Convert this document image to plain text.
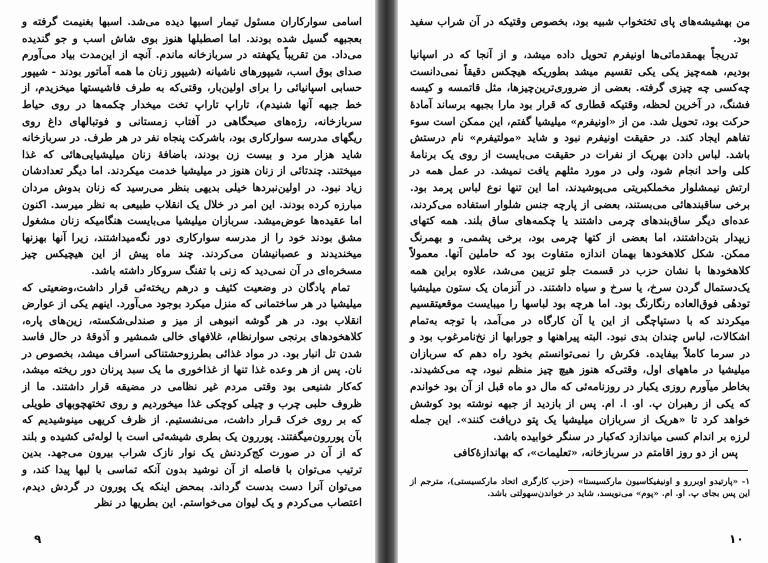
اسامی سوارکاران مسئول تیمار اسبها دیده می‌شد. اسبها بغنیمت گرفته و بعجبهه گسیل شده بودند. اما اصطبلها هنوز بوی شاش اسب و جو گندیده می‌داد. من تقریباً یکهفته در سربازخانه ماندم. آنچه از این‌مدت بیاد می‌آورم صدای بوق اسب، شیپورهای ناشیانه (شیپور زنان ما همه آماتور بودند - شیپور حسابی اسپانیائی را برای اولین‌بار، وقتی‌که به طرف فاشیستها میخزیدم، از خط جبهه آنها شنیدم)، تاراپ تاراپ تخت میخدار چکمه‌ها در روی حیاط سربازخانه، رژه‌های صبحگاهی در آفتاب زمستانی و فوتبالهای داغ روی ریگهای مدرسه سوارکاری بود، باشرکت پنجاه نفر در هر طرف. در سربازخانه شاید هزار مرد و بیست زن بودند، باضافهٔ زنان میلیشیایی‌هائی که غذا میپختند. چندتائی از زنان هنوز در میلیشیا خدمت میکردند. اما دیگر تعدادشان زیاد نبود. در اولین‌نبردها خیلی بدیهی بنظر می‌رسید که زنان بدوش مردان مبارزه کرده بودند. این امر در خلال یک انقلاب طبیعی به نظر میرسد. اکنون اما عقیده‌ها عوض‌میشد. سربازان میلیشیا می‌بایست هنگامیکه زنان مشغول مشق بودند خود را از مدرسه سوارکاری دور نگه‌میداشتند، زیرا آنها بهزنها میخندیدند و عصبانیشان می‌کردند. چند ماه پیش از این هیچیکس چیز مسخره‌ای در آن نمی‌دید که زنی با تفنگ سروکار داشته باشد.

تمام پادگان در وضعیت کثیف و درهم ریخته‌ئی قرار داشت،وضعیتی که میلیشیا در هر ساختمانی که منزل میکرد بوجود می‌آورد. اینهم یکی از عوارض انقلاب بود. در هر گوشه انبوهی از میز و صندلی‌شکسته، زین‌های پاره، کلاهخودهای برنجی سوارنظام، غلافهای خالی شمشیر و آذوقهٔ در حال فاسد شدن تل انبار بود. در مواد غذائی بطرزوحشتناکی اسراف میشد، بخصوص در نان. پس از هر وعده غذا تنها از غذاخوری ما یک سبد پرنان دور ریخته میشد، که‌کار شنیعی بود وقتی مردم غیر نظامی در مضیقه قرار داشتند. ما از ظروف حلبی چرب و چیلی کوچکی غذا میخوردیم و روی تختهچوبهای طویلی که بر روی خرک قـرار داشت، می‌نشستیم. از ظرف کریهی مینوشیدیم که بآن پوررون‌میگفتند. پوررون یک بطری شیشه‌ئی است با لوله‌ئی کشیده و بلند که از آن در صورت کج‌کردنش یک نوار نازک شراب بیرون می‌جهد. بدین ترتیب می‌توان با فاصله از آن نوشید بدون آنکه تماسی با لبها پیدا کند، و می‌توان آنرا دست بدست گرداند. بمحض اینکه یک پورون در گردش دیدم، اعتصاب می‌کردم و یک لیوان می‌خواستم. این بطریها در نظر

۹

من بهشیشه‌های پای تختخواب شبیه بود، بخصوص وقتیکه در آن شراب سفید بود.

تدریجاً بهمقدماتی‌ها اونیفرم تحویل داده میشد، و از آنجا که در اسپانیا بودیم، همه‌چیز یکی یکی تقسیم میشد بطوریکه هیچکس دقیقاً نمی‌دانست چه‌کسی چه چیزی گرفته. بعضی از ضروری‌ترین‌چیزها، مثل قاتمسه و کیسه فشنگ، در آخرین لحظه، وقتیکه قطاری که قرار بود مارا بجبهه برساند آمادهٔ حرکت بود، تحویل شد. من از «اونیفرم» میلیشیا گفتم، این ممکن است سوء تفاهم ایجاد کند. در حقیقت اونیفرم نبود و شاید «مولتیفرم» نام درستش باشد. لباس دادن بهریک از نفرات در حقیقت می‌بایست از روی یک برنامهٔ کلی واحد انجام شود، ولی در مورد مثلهم یافت نمیشد. در عمل همه در ارتش نیمشلوار مخملکبریتی می‌پوشیدند، اما این تنها نوع لباس پرمد بود. برخی ساقبندهائی می‌بستند، بعضی از پارچه جنس شلوار استفاده می‌کردند، عده‌ای دیگر ساق‌بندهای چرمی داشتند یا چکمه‌های ساق بلند. همه کتهای زیپدار بتن‌داشتند، اما بعضی از کتها چرمی بود، برخی پشمی، و بهمرنگ ممکن. شکل کلاهخودها بهمان اندازه متفاوت بود که حاملین آنها. معمولاً کلاهخودها با نشان حزب در قسمت جلو تزیین می‌شد، علاوه براین همه یک‌دستمال گردن سرخ، یا سرخ و سیاه داشتند. در آنزمان یک ستون میلیشیا تودهٔی فوق‌العاده رنگارنگ بود. اما هرچه بود لباسها را میبایست موقعیتقسیم میکردند که با دستپاچگی از این یا آن کارگاه در می‌آمد، با توجه به‌تمام اشکالات، لباس چندان بدی نبود. البته پیراهنها و جورابها از نخ‌نامرغوب بود و در سرما کاملاً بیفایده. فکرش را نمی‌توانستم بخود راه دهم که سربازان میلیشیا در ماههای اول، وقتی‌که هنوز هیچ چیز منظم نبود، چه می‌کشیدند. بخاطر میآورم روزی یکبار در روزنامه‌ئی که مال دو ماه قبل از آن بود خواندم که یکی از رهبران پ. او. ا. ام. پس از بازدید از جبهه نوشته بود کوشش خواهد کرد تا «هریک از سربازان میلیشیا یک پتو دریافت کنند». این جمله لرزه بر اندام کسی میاندازد که‌کبار در سنگر خوابیده باشد.

پس از دو روز اقامتم در سربازخانه، «تعلیمات»، که بهاندازهٔ‌کافی

۱- «پارتیدو اوبررو و اونیفیکاسیون مارکسیستا» (حزب کارگری اتحاد مارکسیستی)، مترجم از این پس بجای پ. او. ام. «پوم» می‌نویسد، شاید در خواندن‌سهولتی باشد.
۱۰
